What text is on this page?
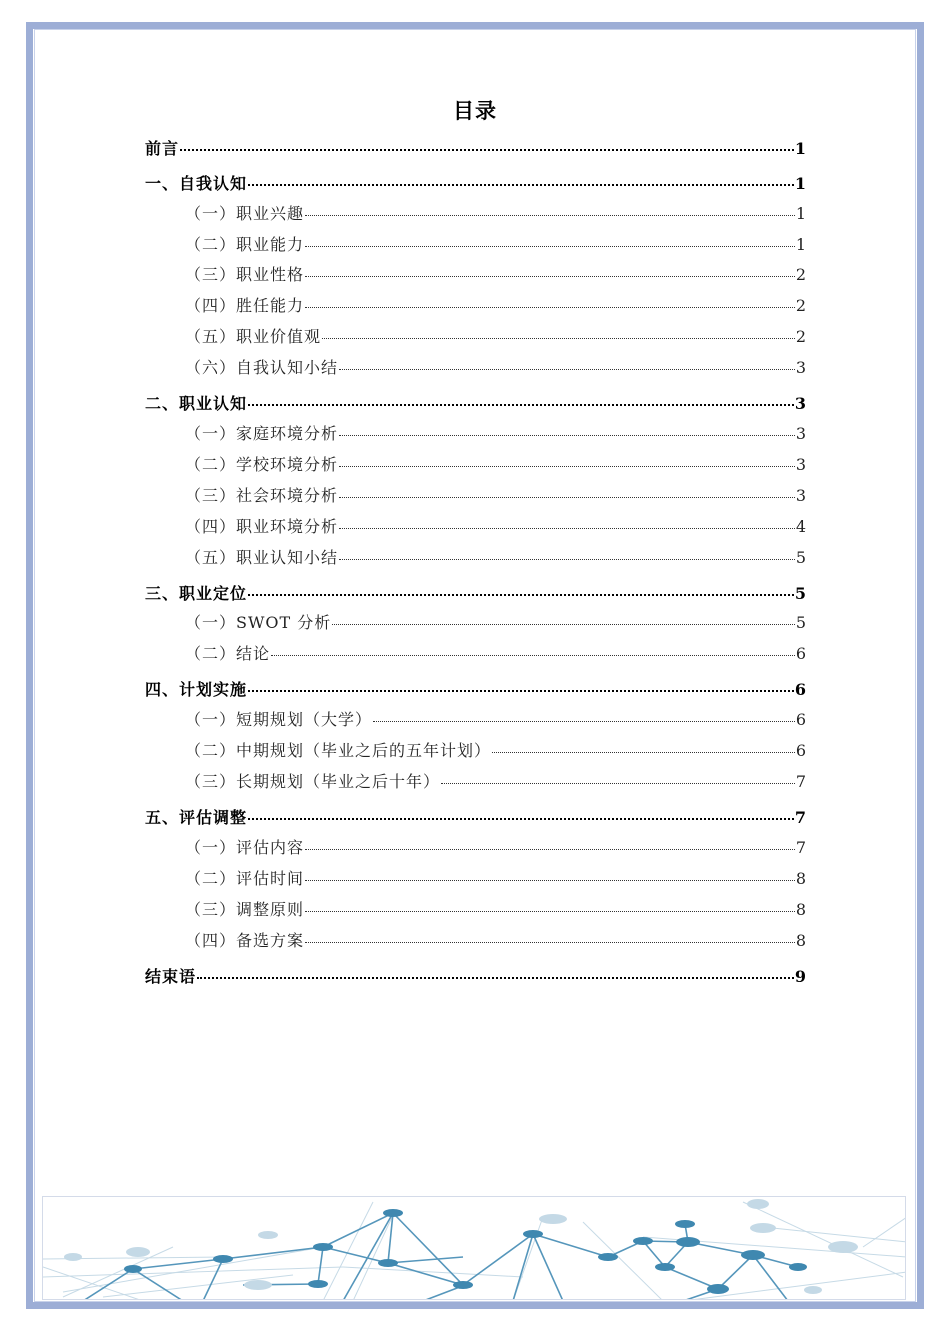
目录
前言	1
一、自我认知	1
（一）职业兴趣	1
（二）职业能力	1
（三）职业性格	2
（四）胜任能力	2
（五）职业价值观	2
（六）自我认知小结	3
二、职业认知	3
（一）家庭环境分析	3
（二）学校环境分析	3
（三）社会环境分析	3
（四）职业环境分析	4
（五）职业认知小结	5
三、职业定位	5
（一）SWOT 分析	5
（二）结论	6
四、计划实施	6
（一）短期规划（大学）	6
（二）中期规划（毕业之后的五年计划）	6
（三）长期规划（毕业之后十年）	7
五、评估调整	7
（一）评估内容	7
（二）评估时间	8
（三）调整原则	8
（四）备选方案	8
结束语	9
